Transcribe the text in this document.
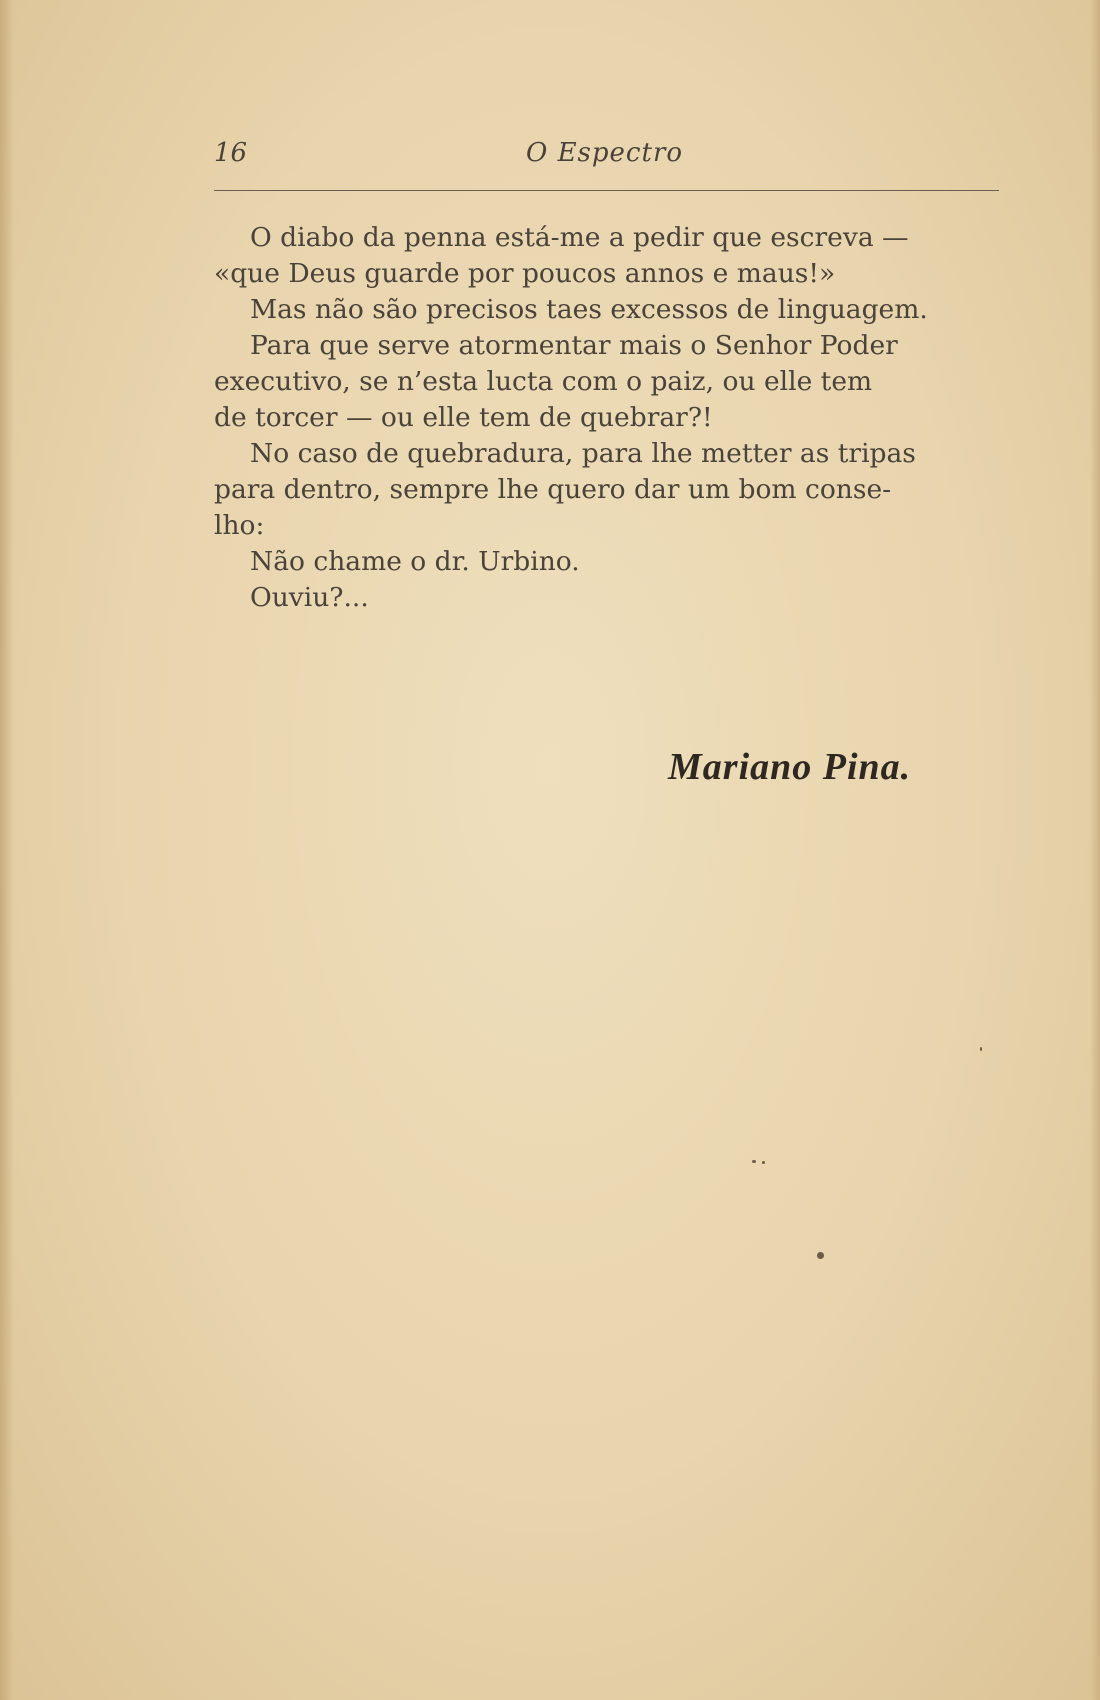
16	O Espectro

O diabo da penna está-me a pedir que escreva —
«que Deus guarde por poucos annos e maus!»

Mas não são precisos taes excessos de linguagem.

Para que serve atormentar mais o Senhor Poder
executivo, se n’esta lucta com o paiz, ou elle tem
de torcer — ou elle tem de quebrar?!

No caso de quebradura, para lhe metter as tripas
para dentro, sempre lhe quero dar um bom conse-
lho:

Não chame o dr. Urbino.

Ouviu?...

Mariano Pina.
